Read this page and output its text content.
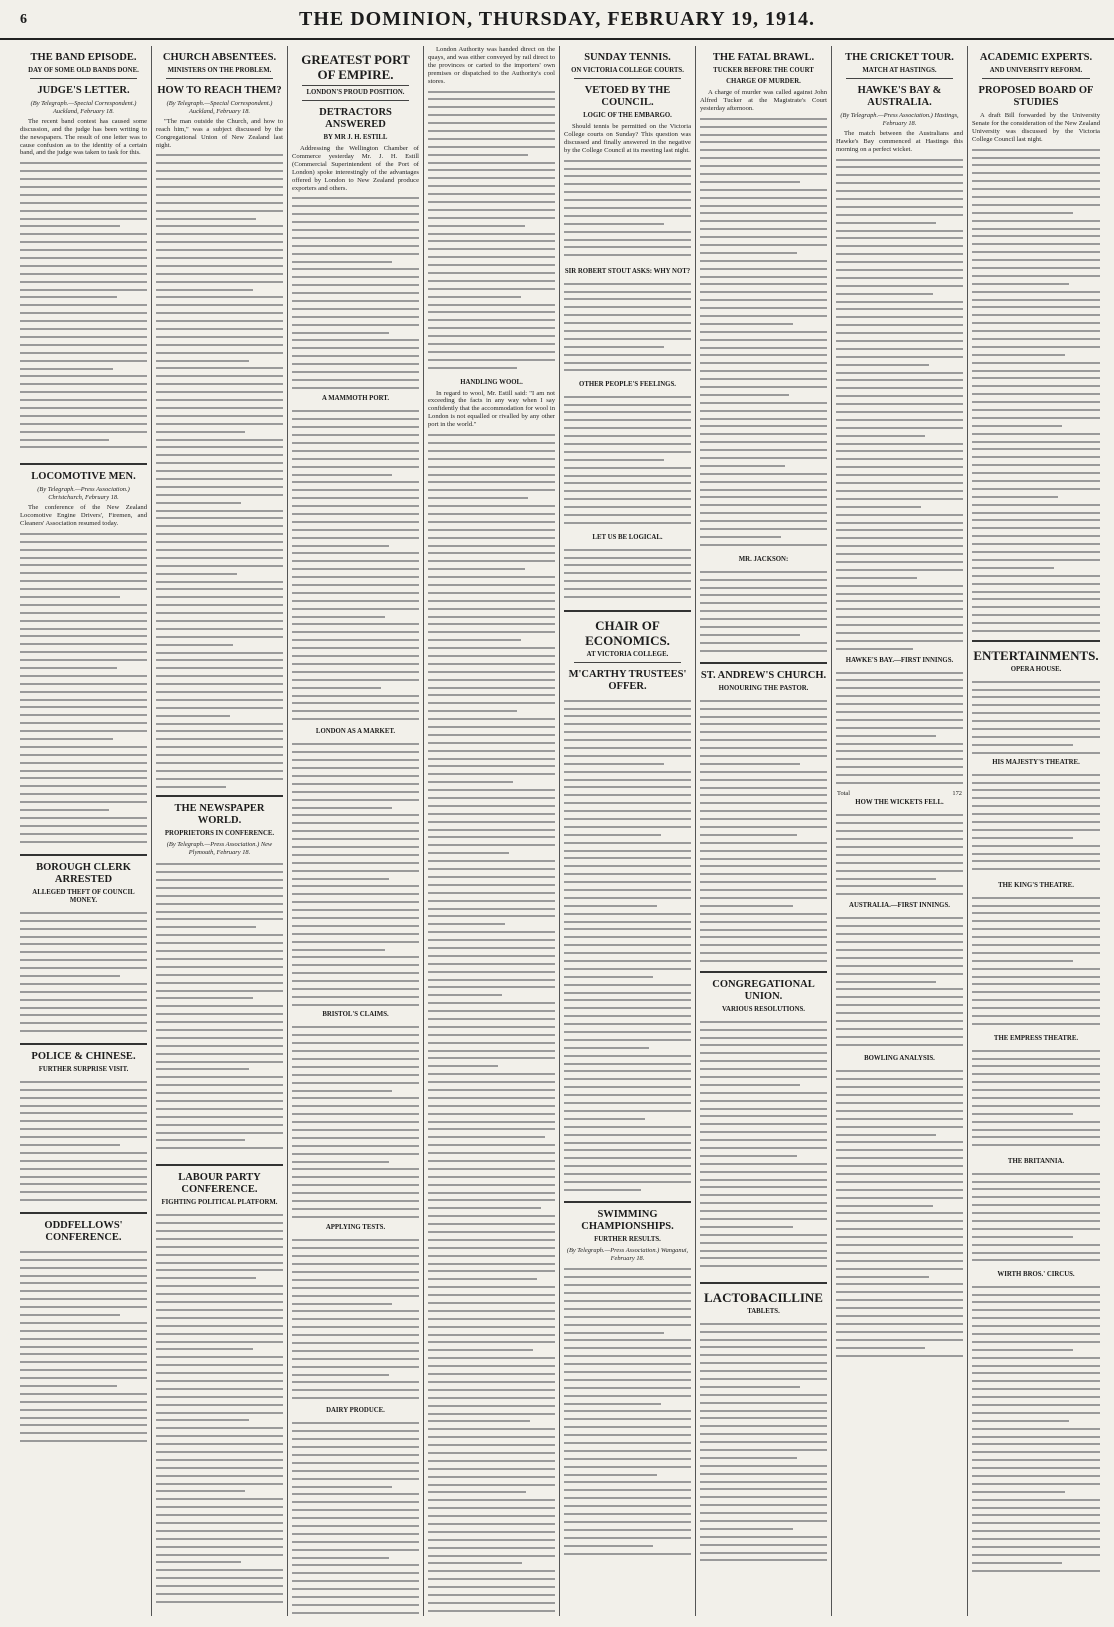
6	THE DOMINION, THURSDAY, FEBRUARY 19, 1914.
THE BAND EPISODE.
DAY OF SOME OLD BANDS DONE.
JUDGE'S LETTER.
(By Telegraph.—Special Correspondent.) Auckland, February 18.

The recent band contest has caused some discussion, and the judge has been writing to the newspapers. The result of one letter was to cause confusion as to the identity of a certain band, and the judge was taken to task for this.

LOCOMOTIVE MEN.
(By Telegraph.—Press Association.) Christchurch, February 18.

The conference of the New Zealand Locomotive Engine Drivers', Firemen, and Cleaners' Association resumed today.

BOROUGH CLERK ARRESTED
ALLEGED THEFT OF COUNCIL MONEY.
POLICE & CHINESE.
FURTHER SURPRISE VISIT.
ODDFELLOWS' CONFERENCE.
CHURCH ABSENTEES.
MINISTERS ON THE PROBLEM.
HOW TO REACH THEM?
(By Telegraph.—Special Correspondent.) Auckland, February 18.

"The man outside the Church, and how to reach him," was a subject discussed by the Congregational Union of New Zealand last night.

THE NEWSPAPER WORLD.
PROPRIETORS IN CONFERENCE.
(By Telegraph.—Press Association.) New Plymouth, February 18.
LABOUR PARTY CONFERENCE.
FIGHTING POLITICAL PLATFORM.
GREATEST PORT OF EMPIRE.
LONDON'S PROUD POSITION.
DETRACTORS ANSWERED
BY MR J. H. ESTILL

Addressing the Wellington Chamber of Commerce yesterday Mr. J. H. Estill (Commercial Superintendent of the Port of London) spoke interestingly of the advantages offered by London to New Zealand produce exporters and others.

A MAMMOTH PORT.
LONDON AS A MARKET.
BRISTOL'S CLAIMS.
APPLYING TESTS.
DAIRY PRODUCE.

London Authority was handed direct on the quays, and was either conveyed by rail direct to the provinces or carted to the importers' own premises or dispatched to the Authority's cool stores.

HANDLING WOOL.

In regard to wool, Mr. Estill said: "I am not exceeding the facts in any way when I say confidently that the accommodation for wool in London is not equalled or rivalled by any other port in the world."

SUNDAY TENNIS.
ON VICTORIA COLLEGE COURTS.
VETOED BY THE COUNCIL.
LOGIC OF THE EMBARGO.

Should tennis be permitted on the Victoria College courts on Sunday? This question was discussed and finally answered in the negative by the College Council at its meeting last night.

SIR ROBERT STOUT ASKS: WHY NOT?
OTHER PEOPLE'S FEELINGS.
LET US BE LOGICAL.
CHAIR OF ECONOMICS.
AT VICTORIA COLLEGE.
M'CARTHY TRUSTEES' OFFER.
SWIMMING CHAMPIONSHIPS.
FURTHER RESULTS.
(By Telegraph.—Press Association.) Wanganui, February 18.
THE FATAL BRAWL.
TUCKER BEFORE THE COURT
CHARGE OF MURDER.

A charge of murder was called against John Alfred Tucker at the Magistrate's Court yesterday afternoon.

MR. JACKSON:
ST. ANDREW'S CHURCH.
HONOURING THE PASTOR.
CONGREGATIONAL UNION.
VARIOUS RESOLUTIONS.
LACTOBACILLINE
TABLETS.
THE CRICKET TOUR.
MATCH AT HASTINGS.
HAWKE'S BAY & AUSTRALIA.
(By Telegraph.—Press Association.) Hastings, February 18.

The match between the Australians and Hawke's Bay commenced at Hastings this morning on a perfect wicket.

HAWKE'S BAY.—FIRST INNINGS.
Total	172
HOW THE WICKETS FELL.
AUSTRALIA.—FIRST INNINGS.
BOWLING ANALYSIS.
ACADEMIC EXPERTS.
AND UNIVERSITY REFORM.
PROPOSED BOARD OF STUDIES

A draft Bill forwarded by the University Senate for the consideration of the New Zealand University was discussed by the Victoria College Council last night.

ENTERTAINMENTS.
OPERA HOUSE.
HIS MAJESTY'S THEATRE.
THE KING'S THEATRE.
THE EMPRESS THEATRE.
THE BRITANNIA.
WIRTH BROS.' CIRCUS.
